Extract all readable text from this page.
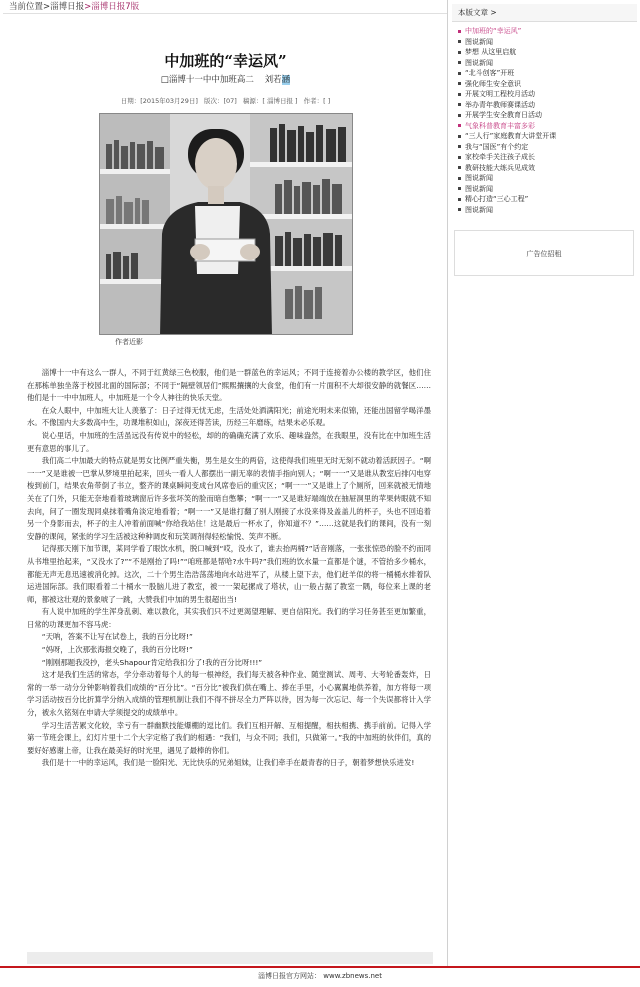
当前位置>淄博日报>淄博日报7版
中加班的“幸运风”
□淄博十一中中加班高二 刘若涵
日期：[2015年03月29日] 版次：[07] 稿源：[ 淄博日报 ] 作者：[ ]
作者近影

淄博十一中有这么一群人，不同于红黄绿三色校服，他们是一群蓝色的幸运风；不同于连接着办公楼的教学区，他们住在那栋单独坐落于校园北面的国际部；不同于“隔壁领居们”熙熙攘攘的大食堂，他们有一片面积不大却很安静的就餐区……他们是十一中中加班人，中加班是一个令人神往的快乐天堂。

在众人眼中，中加班大让人羡慕了：日子过得无忧无虑，生活处处洒满阳光；前途光明未来似锦，还能出国留学喝洋墨水。不像国内大多数高中生，功课堆积如山，深夜还得苦读，历经三年磨练，结果未必乐观。

说心里话，中加班的生活虽远没有传说中的轻松，却的的确确充满了欢乐、趣味盎然，在我眼里，没有比在中加班生活更有意思的事儿了。

我们高二中加最大的特点就是男女比例严重失衡，男生是女生的两倍，这使得我们班里无时无刻不就动着活跃因子。“啊一一”又是谁被一巴掌从梦境里拍起来，回头一看人人都摆出一副无辜的表情手指向别人；“啊一一”又是谁从教室后排闪电穿梭到前门，结果农角带倒了书立，整齐的课桌瞬间变成台风席卷后的重灾区；“啊一一”又是谁上了个厕所，回来就被无情地关在了门外，只能无奈地看着玻璃窗后许多张坏笑的脸而暗自憋攀；“啊一一”又是谁好端端放在抽屉洞里的苹果转眼就不知去向，问了一圈发现同桌抹着嘴角淡定地看着；“啊一一”又是谁打翻了别人刚接了水没来得及盖盖儿的杯子，头也不回追着另一个身影而去，杯子的主人冲着前面喊“你给我站住！这是最后一杯水了，你知道不？”……这就是我们的课间，没有一刻安静的课间，紧张的学习生活被这种种调皮和玩笑调剂得轻松愉悦、笑声不断。

记得那天刚下加节课，某同学看了眼饮水机，脱口喊到“哎，没水了，谁去抬两桶?”话音刚落，一张张惊恐的脸不约而同从书堆里抬起来，“又没水了?”“不是刚抬了吗!”“咱班都是帮哈?水牛吗?”我们班的饮水量一直都是个谜，不管抬多少桶水，都能无声无息迅速被消化掉。这次，二十个男生浩浩荡荡地向水站进军了，从楼上望下去，他们赶羊似的将一桶桶水排着队运进国际部。我们眼看着二十桶水一股脑儿进了教室，被一一架起摞成了塔状，山一般占据了教室一隅，每位来上课的老师，都被这壮观的景象唬了一跳，大赞我们中加的男生很超出当!

有人说中加班的学生浑身乱刺、难以教化，其实我们只不过更渴望理解、更自信阳光。我们的学习任务甚至更加繁重，日常的功课更加不容马虎：

“天呐，答案不让写在试卷上，我的百分比呀!”

“妈呀，上次那张海报交晚了，我的百分比呀!”

“刚刚那题我没抄，老头Shapour肯定给我扣分了!我的百分比呀!!!”

这才是我们生活的常态，学分牵动着每个人的每一根神经，我们每天被各种作业、随堂测试、周考、大考轮番轰炸，日常的一举一动分分钟影响着我们成绩的“百分比”。“百分比”被我们供在嘴上、捧在手里，小心翼翼地供养着，加方将每一项学习活动按百分比折算学分纳入成绩的管理机制让我们不得不拼尽全力严阵以待，因为每一次忘记、每一个失误都将计入学分，被永久铭刻在申请大学须提交的成绩单中。

学习生活苦累文化较，幸亏有一群幽默技能爆棚的逗比们。我们互相开解、互相提醒，相扶相携、携手前前。记得入学第一节班会课上，幻灯片里十二个大字定格了我们的相遇：“我们，与众不同；我们，只做第一。”我的中加班的伙伴们，真的要好好感谢上帝，让我在最美好的时光里，遇见了最棒的你们。

我们是十一中的幸运风，我们是一脸阳光、无比快乐的兄弟姐妹，让我们牵手在最青春的日子，朝着梦想快乐进发!

本版文章 >
中加班的“幸运风”
图说新闻
梦想 从这里启航
图说新闻
“北斗创客”开班
强化师生安全意识
开展文明工程校月活动
举办青年教师赛课活动
开展学生安全教育日活动
气象科普教育丰富多彩
“三人行”家庭教育大讲堂开课
我与“国医”有个约定
家校牵手关注孩子成长
教研技能大练兵见成效
图说新闻
图说新闻
精心打造“三心工程”
图说新闻
广告位招租
淄博日报官方网站： www.zbnews.net
